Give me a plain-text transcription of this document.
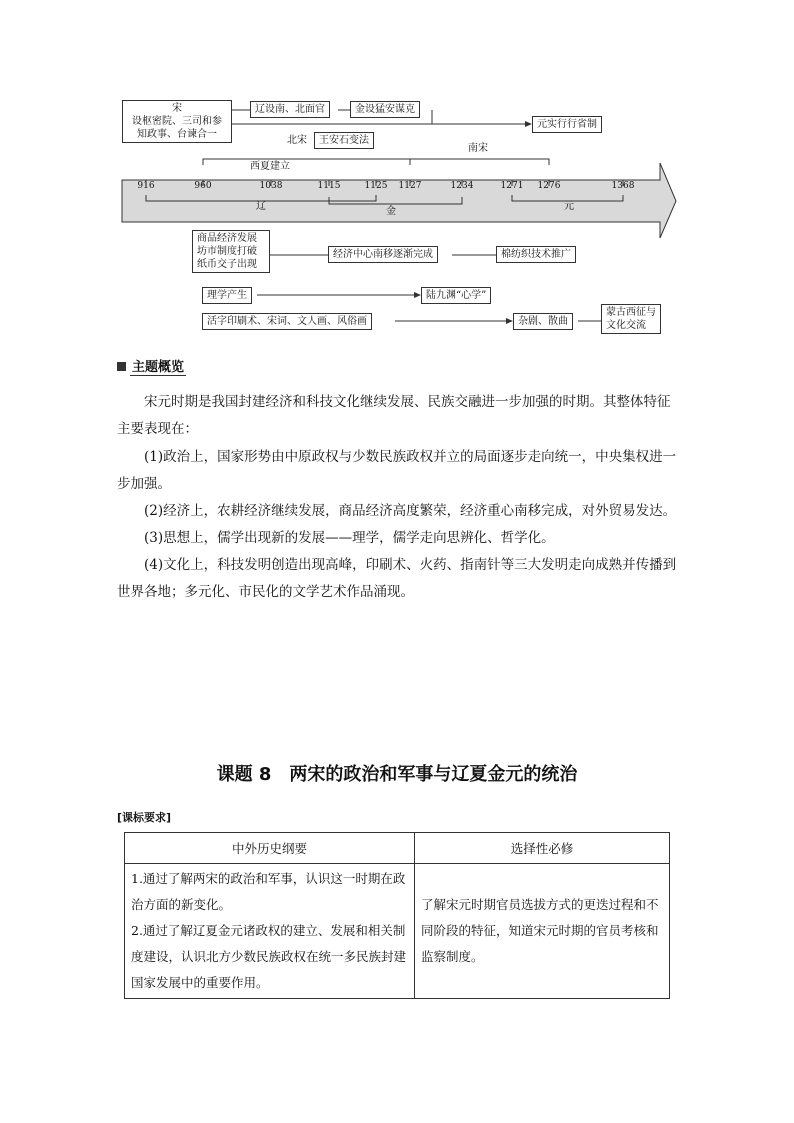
宋
设枢密院、三司和参
知政事、台谏合一
辽设南、北面官	金设猛安谋克
元实行行省制
北宋	王安石变法
南宋
西夏建立
916	960	1038	1115	1125 1127	1234	1271 1276	1368
辽	金	元
商品经济发展
坊市制度打破
纸币交子出现
经济中心南移逐渐完成	棉纺织技术推广
理学产生	陆九渊“心学”
活字印刷术、宋词、文人画、风俗画	杂剧、散曲
蒙古西征与
文化交流
主题概览
宋元时期是我国封建经济和科技文化继续发展、民族交融进一步加强的时期。其整体特征主要表现在：
(1)政治上，国家形势由中原政权与少数民族政权并立的局面逐步走向统一，中央集权进一步加强。
(2)经济上，农耕经济继续发展，商品经济高度繁荣，经济重心南移完成，对外贸易发达。
(3)思想上，儒学出现新的发展——理学，儒学走向思辨化、哲学化。
(4)文化上，科技发明创造出现高峰，印刷术、火药、指南针等三大发明走向成熟并传播到世界各地；多元化、市民化的文学艺术作品涌现。
课题 8　两宋的政治和军事与辽夏金元的统治
[课标要求]
中外历史纲要	选择性必修

1.通过了解两宋的政治和军事，认识这一时期在政治方面的新变化。
2.通过了解辽夏金元诸政权的建立、发展和相关制度建设，认识北方少数民族政权在统一多民族封建国家发展中的重要作用。	了解宋元时期官员选拔方式的更迭过程和不同阶段的特征，知道宋元时期的官员考核和监察制度。
